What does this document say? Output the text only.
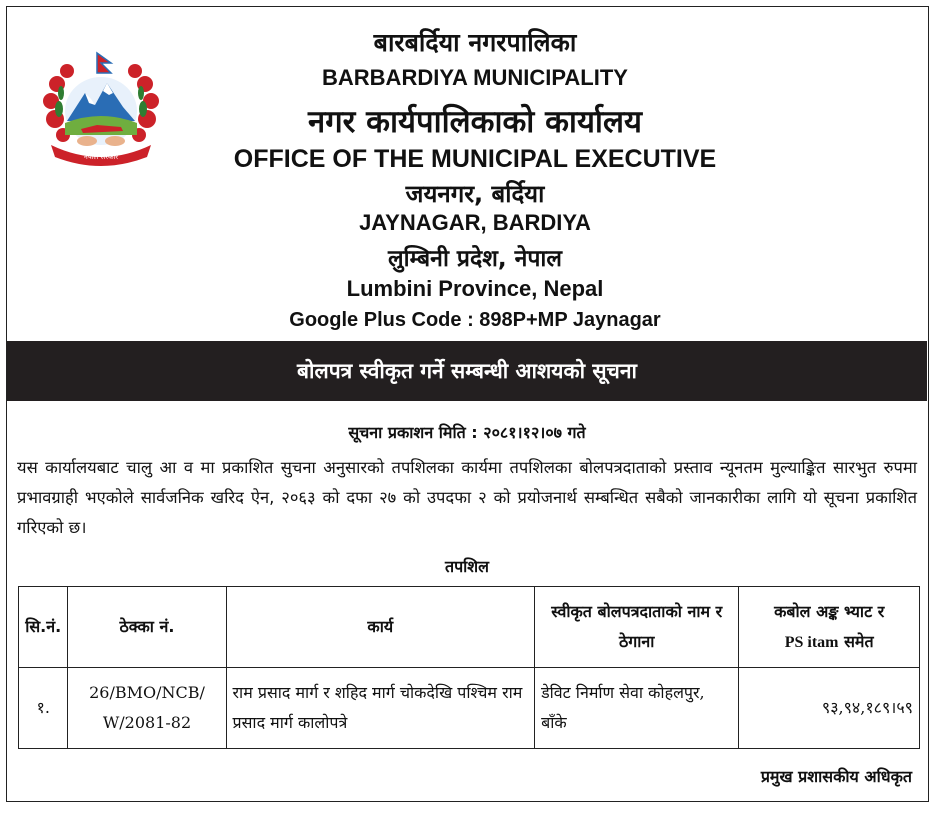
नेपाल सरकार
बारबर्दिया नगरपालिका
BARBARDIYA MUNICIPALITY
नगर कार्यपालिकाको कार्यालय
OFFICE OF THE MUNICIPAL EXECUTIVE
जयनगर, बर्दिया
JAYNAGAR, BARDIYA
लुम्बिनी प्रदेश, नेपाल
Lumbini Province, Nepal
Google Plus Code : 898P+MP Jaynagar
बोलपत्र स्वीकृत गर्ने सम्बन्धी आशयको सूचना
सूचना प्रकाशन मिति : २०८१।१२।०७ गते
यस कार्यालयबाट चालु आ व मा प्रकाशित सुचना अनुसारको तपशिलका कार्यमा तपशिलका बोलपत्रदाताको प्रस्ताव न्यूनतम मुल्याङ्कित सारभुत रुपमा प्रभावग्राही भएकोले सार्वजनिक खरिद ऐन, २०६३ को दफा २७ को उपदफा २ को प्रयोजनार्थ सम्बन्धित सबैको जानकारीका लागि यो सूचना प्रकाशित गरिएको छ।
तपशिल
सि.नं.	ठेक्का नं.	कार्य	स्वीकृत बोलपत्रदाताको नाम र ठेगाना	कबोल अङ्क भ्याट र
PS itam समेत
१.	26/BMO/NCB/ W/2081-82	राम प्रसाद मार्ग र शहिद मार्ग चोकदेखि पश्चिम राम प्रसाद मार्ग कालोपत्रे	डेविट निर्माण सेवा कोहलपुर, बाँके	९३,९४,१८९।५९
प्रमुख प्रशासकीय अधिकृत
